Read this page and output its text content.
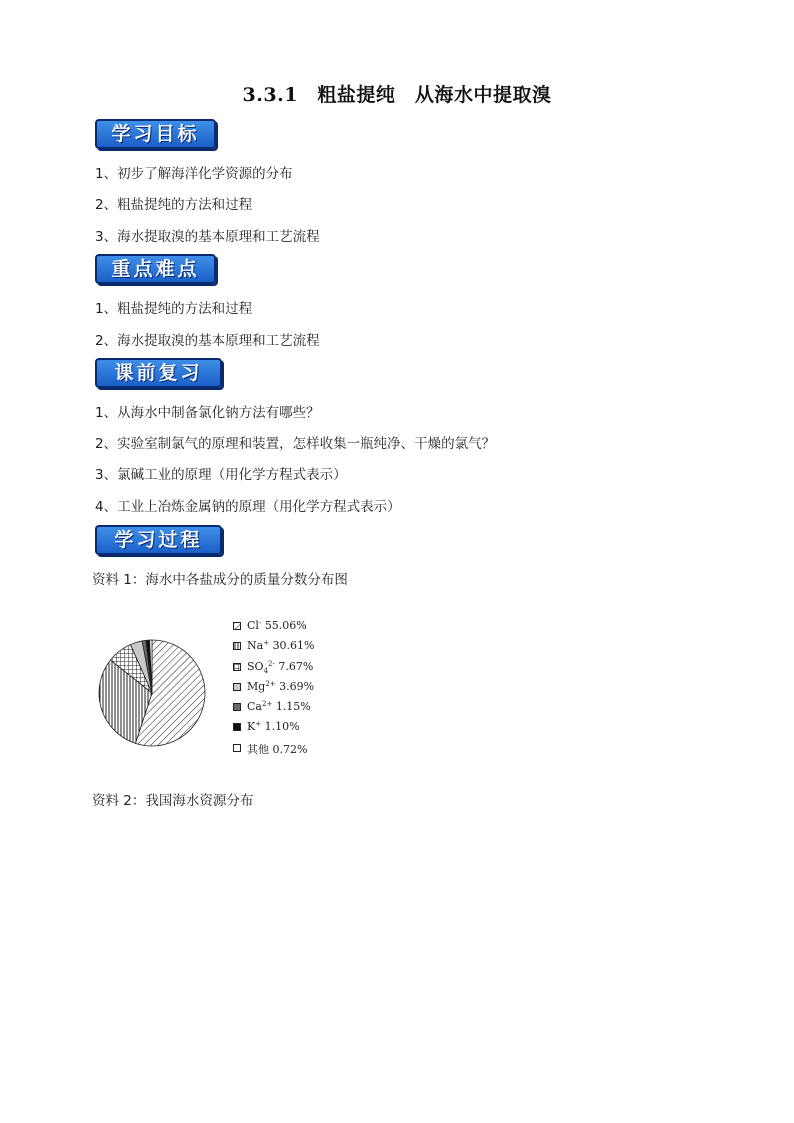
3.3.1　粗盐提纯　从海水中提取溴
学习目标
1、初步了解海洋化学资源的分布
2、粗盐提纯的方法和过程
3、海水提取溴的基本原理和工艺流程
重点难点
1、粗盐提纯的方法和过程
2、海水提取溴的基本原理和工艺流程
课前复习
1、从海水中制备氯化钠方法有哪些？
2、实验室制氯气的原理和装置，怎样收集一瓶纯净、干燥的氯气？
3、氯碱工业的原理（用化学方程式表示）
4、工业上冶炼金属钠的原理（用化学方程式表示）
学习过程
资料 1：海水中各盐成分的质量分数分布图
Cl- 55.06%
Na+ 30.61%
$SO_4^{2-}$ 7.67%
$Mg^{2+}$ 3.69%
$Ca^{2+}$ 1.15%
K+ 1.10%
其他 0.72%
资料 2：我国海水资源分布
